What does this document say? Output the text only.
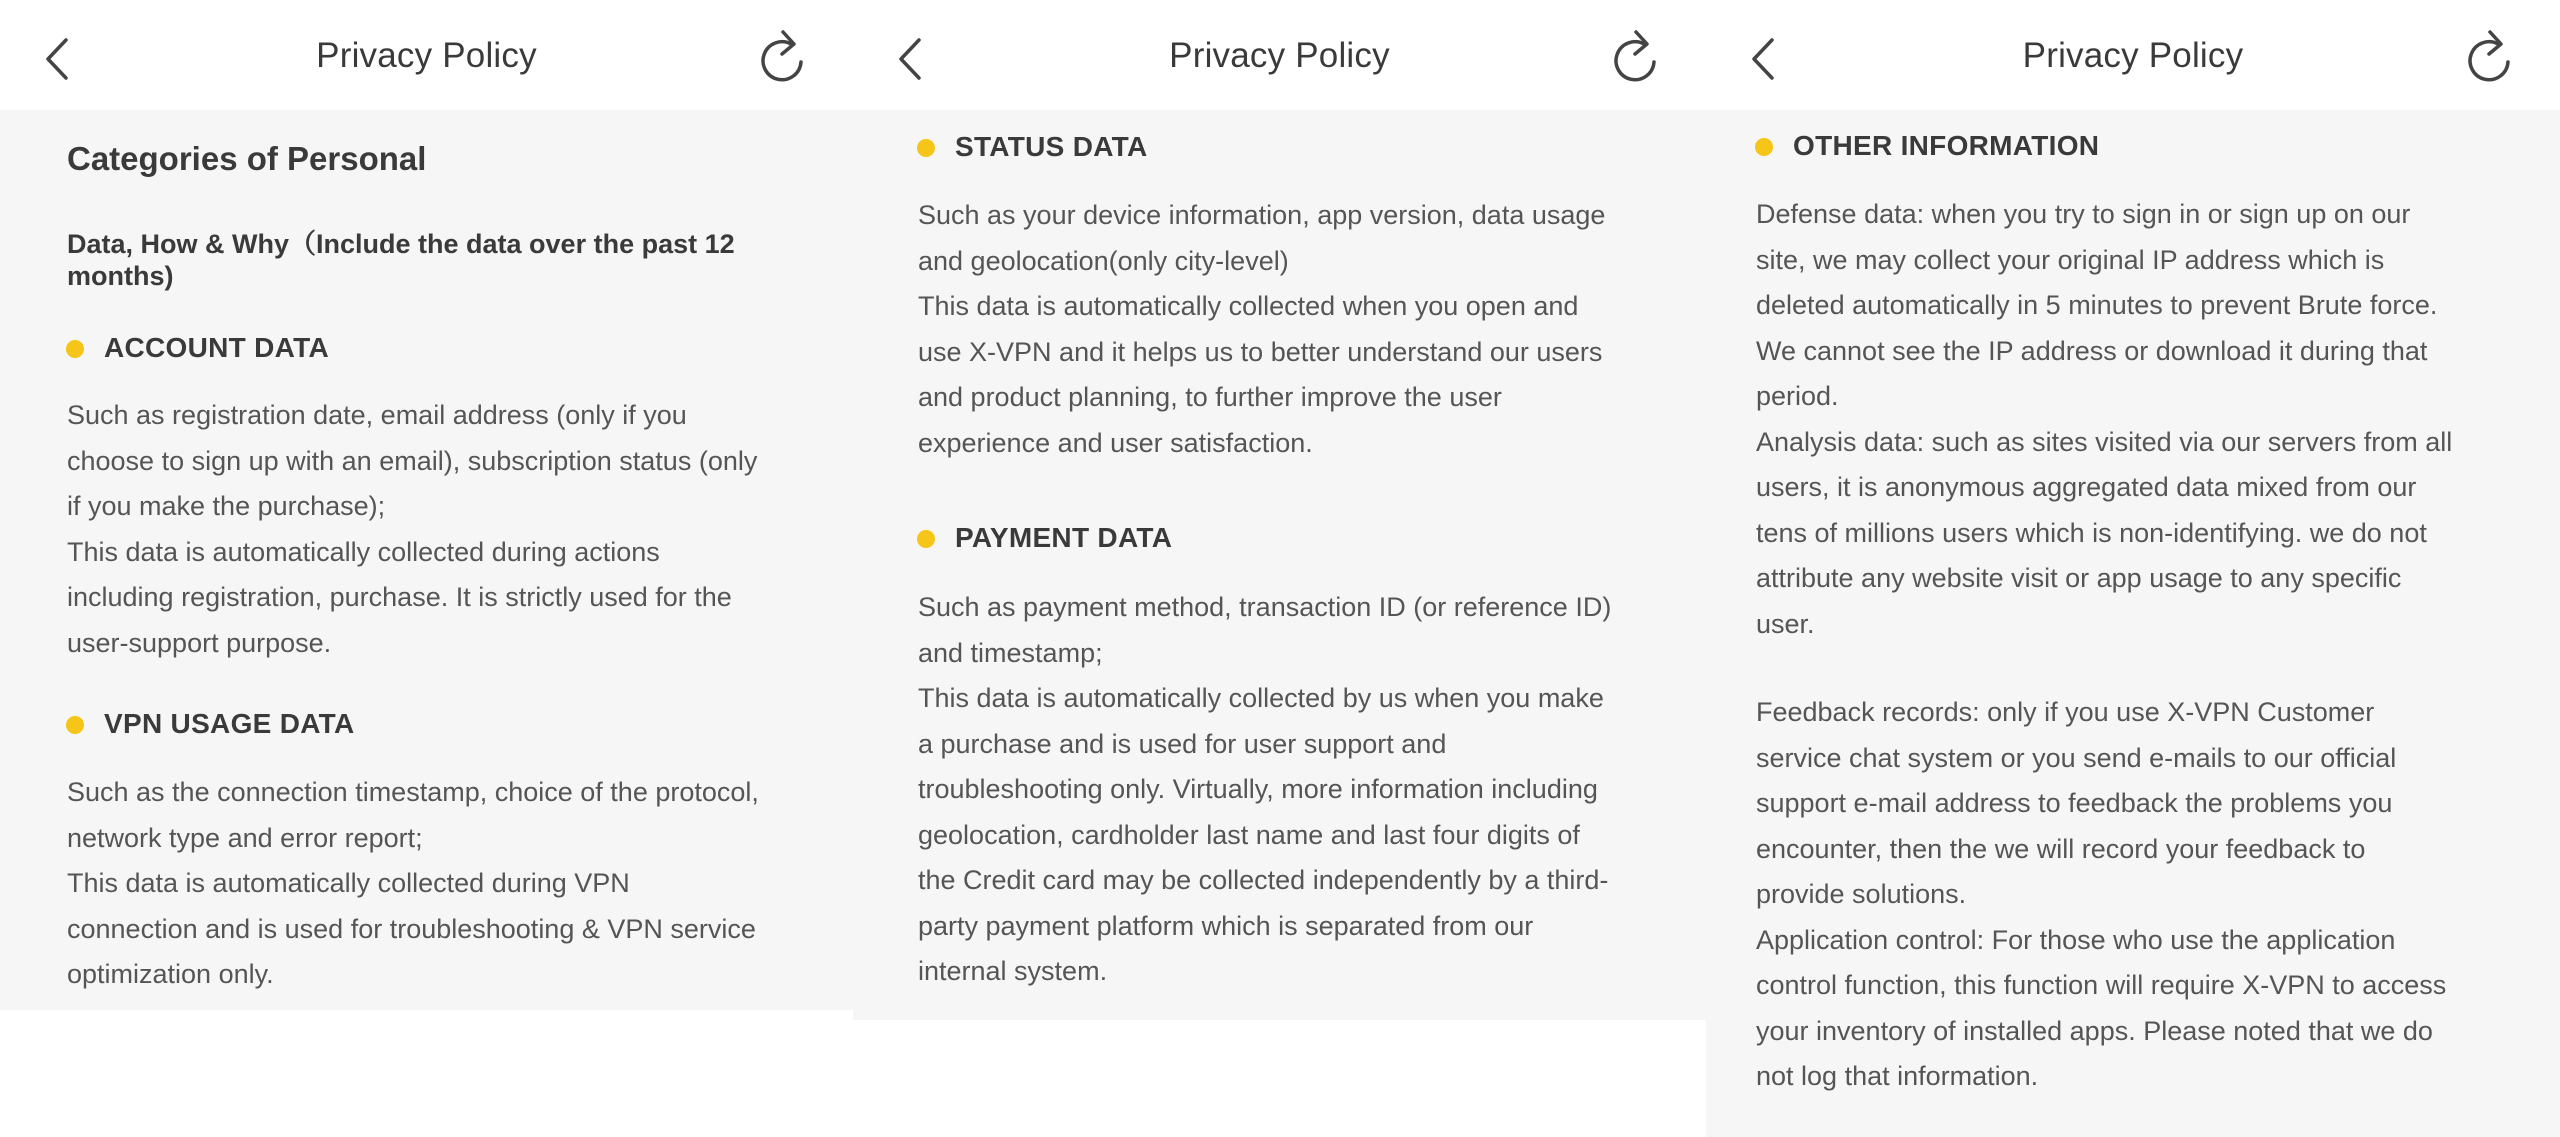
Privacy Policy
Categories of Personal
Data, How & Why（Include the data over the past 12 months)
ACCOUNT DATA
Such as registration date, email address (only if you
choose to sign up with an email), subscription status (only
if you make the purchase);
This data is automatically collected during actions
including registration, purchase. It is strictly used for the
user-support purpose.
VPN USAGE DATA
Such as the connection timestamp, choice of the protocol,
network type and error report;
This data is automatically collected during VPN
connection and is used for troubleshooting & VPN service
optimization only.
Privacy Policy
STATUS DATA
Such as your device information, app version, data usage
and geolocation(only city-level)
This data is automatically collected when you open and
use X-VPN and it helps us to better understand our users
and product planning, to further improve the user
experience and user satisfaction.
PAYMENT DATA
Such as payment method, transaction ID (or reference ID)
and timestamp;
This data is automatically collected by us when you make
a purchase and is used for user support and
troubleshooting only. Virtually, more information including
geolocation, cardholder last name and last four digits of
the Credit card may be collected independently by a third-
party payment platform which is separated from our
internal system.
Privacy Policy
OTHER INFORMATION
Defense data: when you try to sign in or sign up on our
site, we may collect your original IP address which is
deleted automatically in 5 minutes to prevent Brute force.
We cannot see the IP address or download it during that
period.
Analysis data: such as sites visited via our servers from all
users, it is anonymous aggregated data mixed from our
tens of millions users which is non-identifying. we do not
attribute any website visit or app usage to any specific
user.
Feedback records: only if you use X-VPN Customer
service chat system or you send e-mails to our official
support e-mail address to feedback the problems you
encounter, then the we will record your feedback to
provide solutions.
Application control: For those who use the application
control function, this function will require X-VPN to access
your inventory of installed apps. Please noted that we do
not log that information.
